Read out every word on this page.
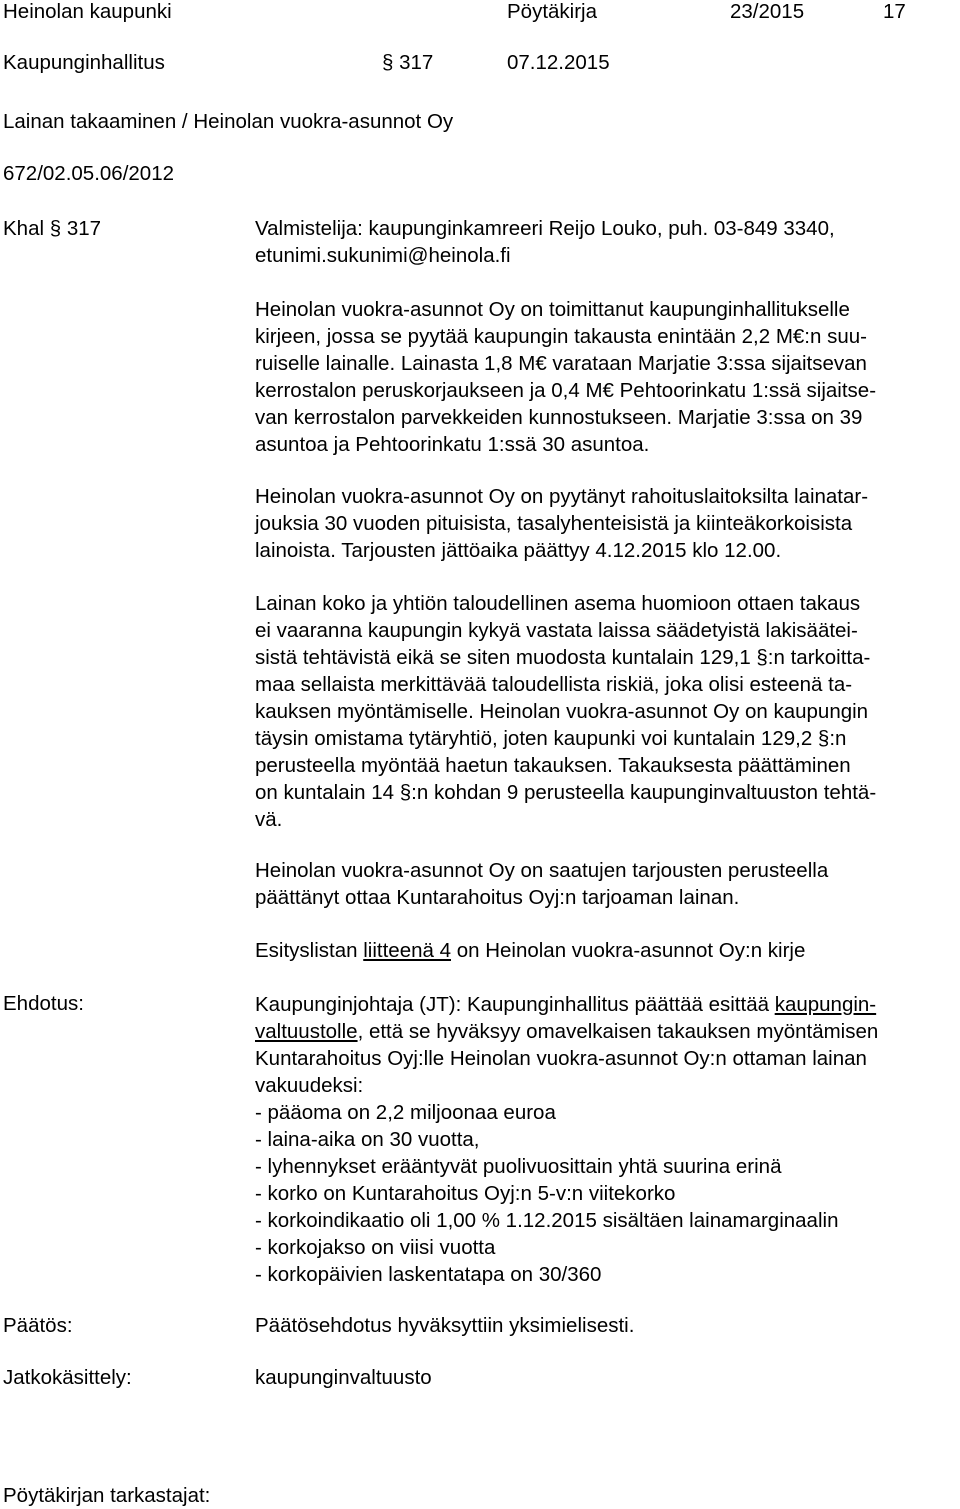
Heinolan kaupunki	Pöytäkirja	23/2015	17
Kaupunginhallitus	§ 317	07.12.2015
Lainan takaaminen / Heinolan vuokra-asunnot Oy
672/02.05.06/2012
Khal § 317	Valmistelija: kaupunginkamreeri Reijo Louko, puh. 03-849 3340,
etunimi.sukunimi@heinola.fi
Heinolan vuokra-asunnot Oy on toimittanut kaupunginhallitukselle
kirjeen, jossa se pyytää kaupungin takausta enintään 2,2 M€:n suu-
ruiselle lainalle. Lainasta 1,8 M€ varataan Marjatie 3:ssa sijaitsevan
kerrostalon peruskorjaukseen ja 0,4 M€ Pehtoorinkatu 1:ssä sijaitse-
van kerrostalon parvekkeiden kunnostukseen. Marjatie 3:ssa on 39
asuntoa ja Pehtoorinkatu 1:ssä 30 asuntoa.
Heinolan vuokra-asunnot Oy on pyytänyt rahoituslaitoksilta lainatar-
jouksia 30 vuoden pituisista, tasalyhenteisistä ja kiinteäkorkoisista
lainoista. Tarjousten jättöaika päättyy 4.12.2015 klo 12.00.
Lainan koko ja yhtiön taloudellinen asema huomioon ottaen takaus
ei vaaranna kaupungin kykyä vastata laissa säädetyistä lakisäätei-
sistä tehtävistä eikä se siten muodosta kuntalain 129,1 §:n tarkoitta-
maa sellaista merkittävää taloudellista riskiä, joka olisi esteenä ta-
kauksen myöntämiselle. Heinolan vuokra-asunnot Oy on kaupungin
täysin omistama tytäryhtiö, joten kaupunki voi kuntalain 129,2 §:n
perusteella myöntää haetun takauksen. Takauksesta päättäminen
on kuntalain 14 §:n kohdan 9 perusteella kaupunginvaltuuston tehtä-
vä.
Heinolan vuokra-asunnot Oy on saatujen tarjousten perusteella
päättänyt ottaa Kuntarahoitus Oyj:n tarjoaman lainan.
Esityslistan liitteenä 4 on Heinolan vuokra-asunnot Oy:n kirje
Ehdotus:	Kaupunginjohtaja (JT): Kaupunginhallitus päättää esittää kaupungin-
valtuustolle, että se hyväksyy omavelkaisen takauksen myöntämisen
Kuntarahoitus Oyj:lle Heinolan vuokra-asunnot Oy:n ottaman lainan
vakuudeksi:
- pääoma on 2,2 miljoonaa euroa
- laina-aika on 30 vuotta,
- lyhennykset erääntyvät puolivuosittain yhtä suurina erinä
- korko on Kuntarahoitus Oyj:n 5-v:n viitekorko
- korkoindikaatio oli 1,00 % 1.12.2015 sisältäen lainamarginaalin
- korkojakso on viisi vuotta
- korkopäivien laskentatapa on 30/360
Päätös:	Päätösehdotus hyväksyttiin yksimielisesti.
Jatkokäsittely:	kaupunginvaltuusto
Pöytäkirjan tarkastajat:
